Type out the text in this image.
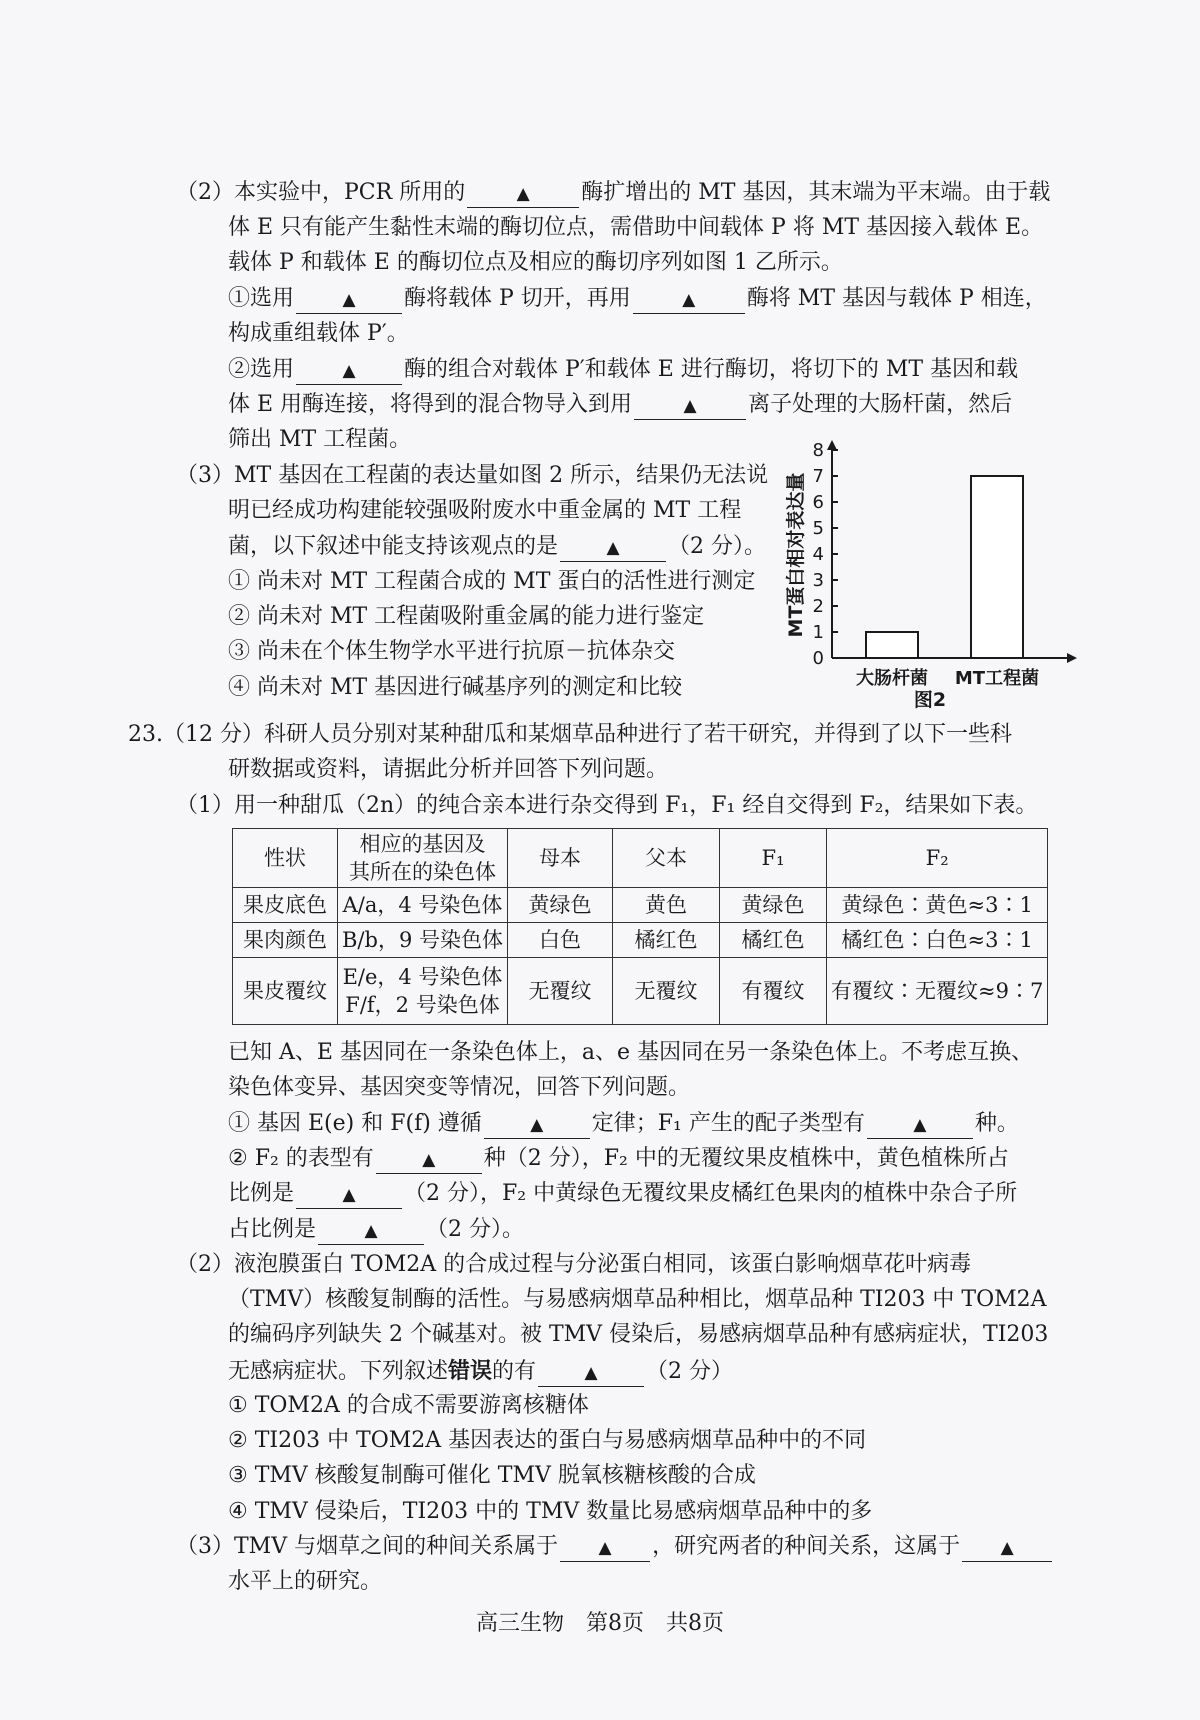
（2）本实验中，PCR 所用的	▲ 酶扩增出的 MT 基因，其末端为平末端。由于载
体 E 只有能产生黏性末端的酶切位点，需借助中间载体 P 将 MT 基因接入载体 E。
载体 P 和载体 E 的酶切位点及相应的酶切序列如图 1 乙所示。
①选用	▲ 酶将载体 P 切开，再用	▲ 酶将 MT 基因与载体 P 相连，
构成重组载体 P′。
②选用	▲ 酶的组合对载体 P′和载体 E 进行酶切，将切下的 MT 基因和载
体 E 用酶连接，将得到的混合物导入到用	▲ 离子处理的大肠杆菌，然后
筛出 MT 工程菌。
（3）MT 基因在工程菌的表达量如图 2 所示，结果仍无法说
明已经成功构建能较强吸附废水中重金属的 MT 工程
菌，以下叙述中能支持该观点的是	▲ （2 分）。
① 尚未对 MT 工程菌合成的 MT 蛋白的活性进行测定
② 尚未对 MT 工程菌吸附重金属的能力进行鉴定
③ 尚未在个体生物学水平进行抗原－抗体杂交
④ 尚未对 MT 基因进行碱基序列的测定和比较
MT蛋白相对表达量
0
1
2
3
4
5
6
7
8
大肠杆菌 MT工程菌
图2
23.（12 分）科研人员分别对某种甜瓜和某烟草品种进行了若干研究，并得到了以下一些科
研数据或资料，请据此分析并回答下列问题。
（1）用一种甜瓜（2n）的纯合亲本进行杂交得到 F₁，F₁ 经自交得到 F₂，结果如下表。
性状	相应的基因及
其所在的染色体	母本	父本	F₁	F₂
果皮底色	A/a，4 号染色体	黄绿色	黄色	黄绿色	黄绿色∶黄色≈3∶1
果肉颜色	B/b，9 号染色体	白色	橘红色	橘红色	橘红色∶白色≈3∶1
果皮覆纹	E/e，4 号染色体
F/f，2 号染色体	无覆纹	无覆纹	有覆纹	有覆纹∶无覆纹≈9∶7
已知 A、E 基因同在一条染色体上，a、e 基因同在另一条染色体上。不考虑互换、
染色体变异、基因突变等情况，回答下列问题。
① 基因 E(e) 和 F(f) 遵循	▲ 定律；F₁ 产生的配子类型有	▲ 种。
② F₂ 的表型有	▲ 种（2 分），F₂ 中的无覆纹果皮植株中，黄色植株所占
比例是	▲ （2 分），F₂ 中黄绿色无覆纹果皮橘红色果肉的植株中杂合子所
占比例是	▲ （2 分）。
（2）液泡膜蛋白 TOM2A 的合成过程与分泌蛋白相同，该蛋白影响烟草花叶病毒
（TMV）核酸复制酶的活性。与易感病烟草品种相比，烟草品种 TI203 中 TOM2A
的编码序列缺失 2 个碱基对。被 TMV 侵染后，易感病烟草品种有感病症状，TI203
无感病症状。下列叙述错误的有	▲ （2 分）
① TOM2A 的合成不需要游离核糖体
② TI203 中 TOM2A 基因表达的蛋白与易感病烟草品种中的不同
③ TMV 核酸复制酶可催化 TMV 脱氧核糖核酸的合成
④ TMV 侵染后，TI203 中的 TMV 数量比易感病烟草品种中的多
（3）TMV 与烟草之间的种间关系属于 ▲ ，研究两者的种间关系，这属于 ▲
水平上的研究。
高三生物　第8页　共8页
